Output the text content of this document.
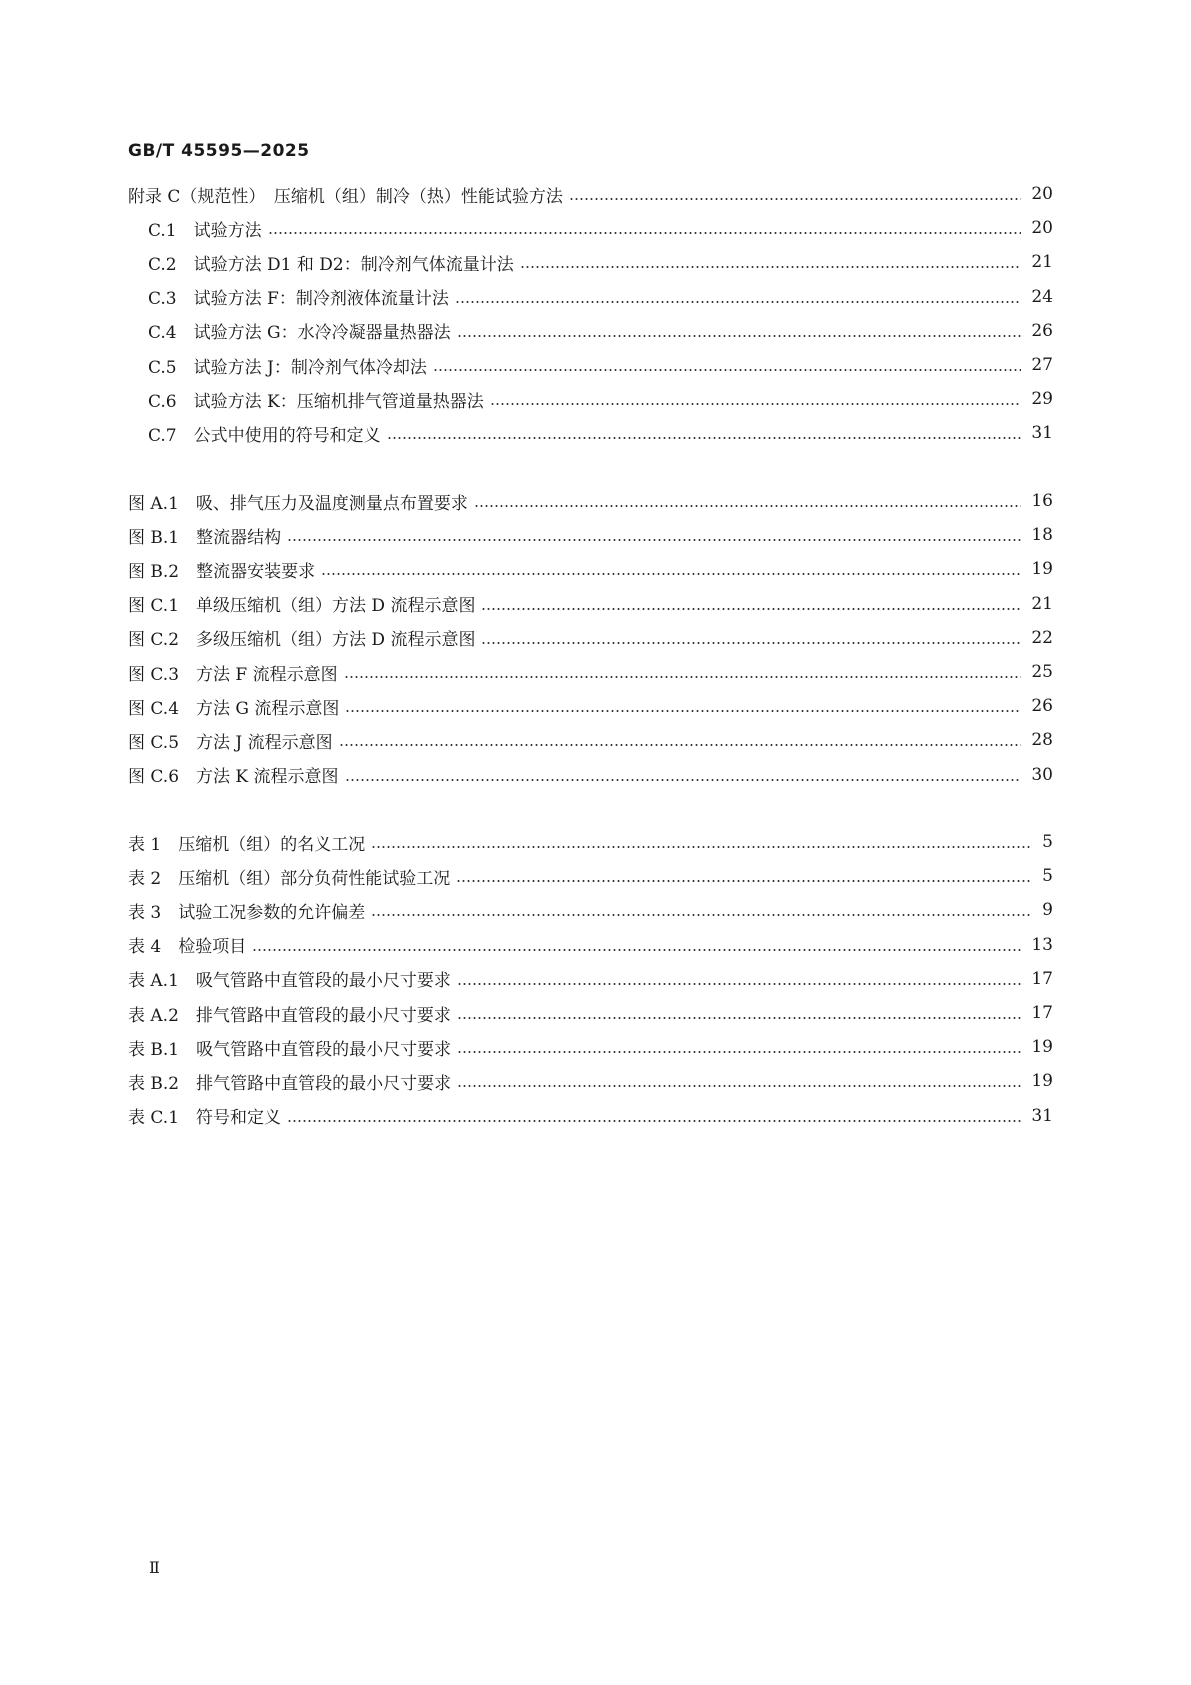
GB/T 45595—2025
附录 C（规范性）　压缩机（组）制冷（热）性能试验方法	20
C.1　试验方法	20
C.2　试验方法 D1 和 D2：制冷剂气体流量计法	21
C.3　试验方法 F：制冷剂液体流量计法	24
C.4　试验方法 G：水冷冷凝器量热器法	26
C.5　试验方法 J：制冷剂气体冷却法	27
C.6　试验方法 K：压缩机排气管道量热器法	29
C.7　公式中使用的符号和定义	31
图 A.1　吸、排气压力及温度测量点布置要求	16
图 B.1　整流器结构	18
图 B.2　整流器安装要求	19
图 C.1　单级压缩机（组）方法 D 流程示意图	21
图 C.2　多级压缩机（组）方法 D 流程示意图	22
图 C.3　方法 F 流程示意图	25
图 C.4　方法 G 流程示意图	26
图 C.5　方法 J 流程示意图	28
图 C.6　方法 K 流程示意图	30
表 1　压缩机（组）的名义工况	5
表 2　压缩机（组）部分负荷性能试验工况	5
表 3　试验工况参数的允许偏差	9
表 4　检验项目	13
表 A.1　吸气管路中直管段的最小尺寸要求	17
表 A.2　排气管路中直管段的最小尺寸要求	17
表 B.1　吸气管路中直管段的最小尺寸要求	19
表 B.2　排气管路中直管段的最小尺寸要求	19
表 C.1　符号和定义	31
Ⅱ
